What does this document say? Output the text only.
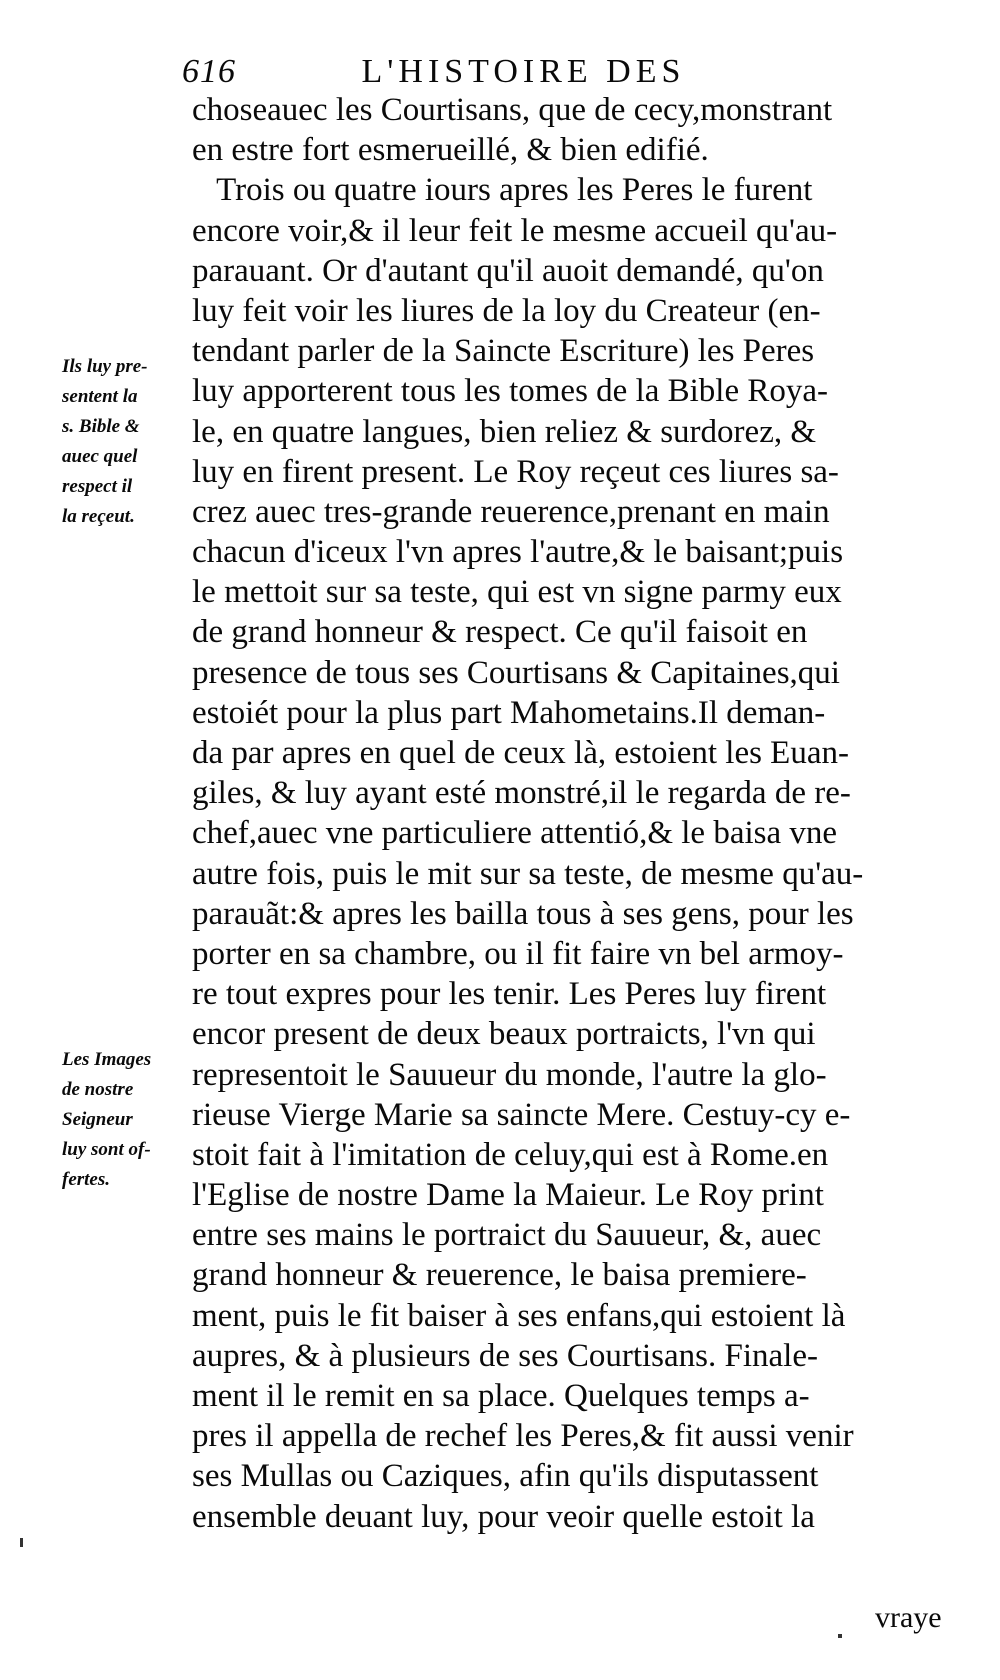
616	L'HISTOIRE DES
choseauec les Courtisans, que de cecy,monstrant
en estre fort esmerueillé, & bien edifié.
Trois ou quatre iours apres les Peres le furent
encore voir,& il leur feit le mesme accueil qu'au-
parauant. Or d'autant qu'il auoit demandé, qu'on
luy feit voir les liures de la loy du Createur (en-
tendant parler de la Saincte Escriture) les Peres
luy apporterent tous les tomes de la Bible Roya-
le, en quatre langues, bien reliez & surdorez, &
luy en firent present. Le Roy reçeut ces liures sa-
crez auec tres-grande reuerence,prenant en main
chacun d'iceux l'vn apres l'autre,& le baisant;puis
le mettoit sur sa teste, qui est vn signe parmy eux
de grand honneur & respect. Ce qu'il faisoit en
presence de tous ses Courtisans & Capitaines,qui
estoiét pour la plus part Mahometains.Il deman-
da par apres en quel de ceux là, estoient les Euan-
giles, & luy ayant esté monstré,il le regarda de re-
chef,auec vne particuliere attentió,& le baisa vne
autre fois, puis le mit sur sa teste, de mesme qu'au-
parauãt:& apres les bailla tous à ses gens, pour les
porter en sa chambre, ou il fit faire vn bel armoy-
re tout expres pour les tenir. Les Peres luy firent
encor present de deux beaux portraicts, l'vn qui
representoit le Sauueur du monde, l'autre la glo-
rieuse Vierge Marie sa saincte Mere. Cestuy-cy e-
stoit fait à l'imitation de celuy,qui est à Rome.en
l'Eglise de nostre Dame la Maieur. Le Roy print
entre ses mains le portraict du Sauueur, &, auec
grand honneur & reuerence, le baisa premiere-
ment, puis le fit baiser à ses enfans,qui estoient là
aupres, & à plusieurs de ses Courtisans. Finale-
ment il le remit en sa place. Quelques temps a-
pres il appella de rechef les Peres,& fit aussi venir
ses Mullas ou Caziques, afin qu'ils disputassent
ensemble deuant luy, pour veoir quelle estoit la
Ils luy pre-
sentent la
s. Bible &
auec quel
respect il
la reçeut.
Les Images
de nostre
Seigneur
luy sont of-
fertes.
vraye
